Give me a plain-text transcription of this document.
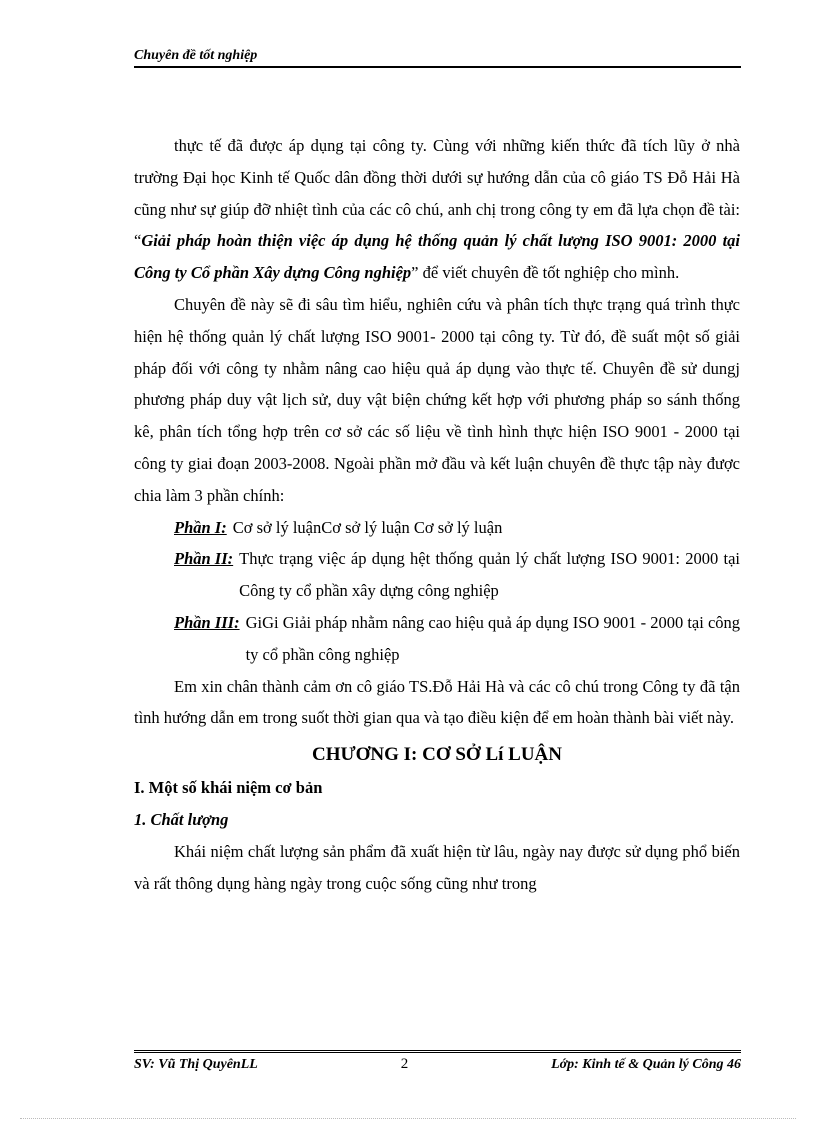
Chuyên đề tốt nghiệp

thực tế đã được áp dụng tại công ty. Cùng với những kiến thức đã tích lũy ở nhà trường Đại học Kinh tế Quốc dân đồng thời dưới sự hướng dẫn của cô giáo TS Đỗ Hải Hà cũng như sự giúp đỡ nhiệt tình của các cô chú, anh chị trong công ty em đã lựa chọn đề tài: “Giải pháp hoàn thiện việc áp dụng hệ thống quản lý chất lượng ISO 9001: 2000 tại Công ty Cổ phần Xây dựng Công nghiệp” để viết chuyên đề tốt nghiệp cho mình.

Chuyên đề này sẽ đi sâu tìm hiểu, nghiên cứu và phân tích thực trạng quá trình thực hiện hệ thống quản lý chất lượng ISO 9001- 2000 tại công ty. Từ đó, đề suất một số giải pháp đối với công ty nhằm nâng cao hiệu quả áp dụng vào thực tế. Chuyên đề sử dungj phương pháp duy vật lịch sử, duy vật biện chứng kết hợp với phương pháp so sánh thống kê, phân tích tổng hợp trên cơ sở các số liệu về tình hình thực hiện ISO 9001 - 2000 tại công ty giai đoạn 2003-2008. Ngoài phần mở đầu và kết luận chuyên đề thực tập này được chia làm 3 phần chính:

Phần I: Cơ sở lý luậnCơ sở lý luận Cơ sở lý luận
Phần II: Thực trạng việc áp dụng hệt thống quản lý chất lượng ISO 9001: 2000 tại Công ty cổ phần xây dựng công nghiệp
Phần III: GiGi Giải pháp nhằm nâng cao hiệu quả áp dụng ISO 9001 - 2000 tại công ty cổ phần công nghiệp

Em xin chân thành cảm ơn cô giáo TS.Đỗ Hải Hà và các cô chú trong Công ty đã tận tình hướng dẫn em trong suốt thời gian qua và tạo điều kiện để em hoàn thành bài viết này.

CHƯƠNG I: CƠ SỞ Lí LUẬN

I. Một số khái niệm cơ bản

1. Chất lượng

Khái niệm chất lượng sản phẩm đã xuất hiện từ lâu, ngày nay được sử dụng phổ biến và rất thông dụng hàng ngày trong cuộc sống cũng như trong

SV: Vũ Thị QuyênLL	2	Lớp: Kinh tế & Quản lý Công 46
